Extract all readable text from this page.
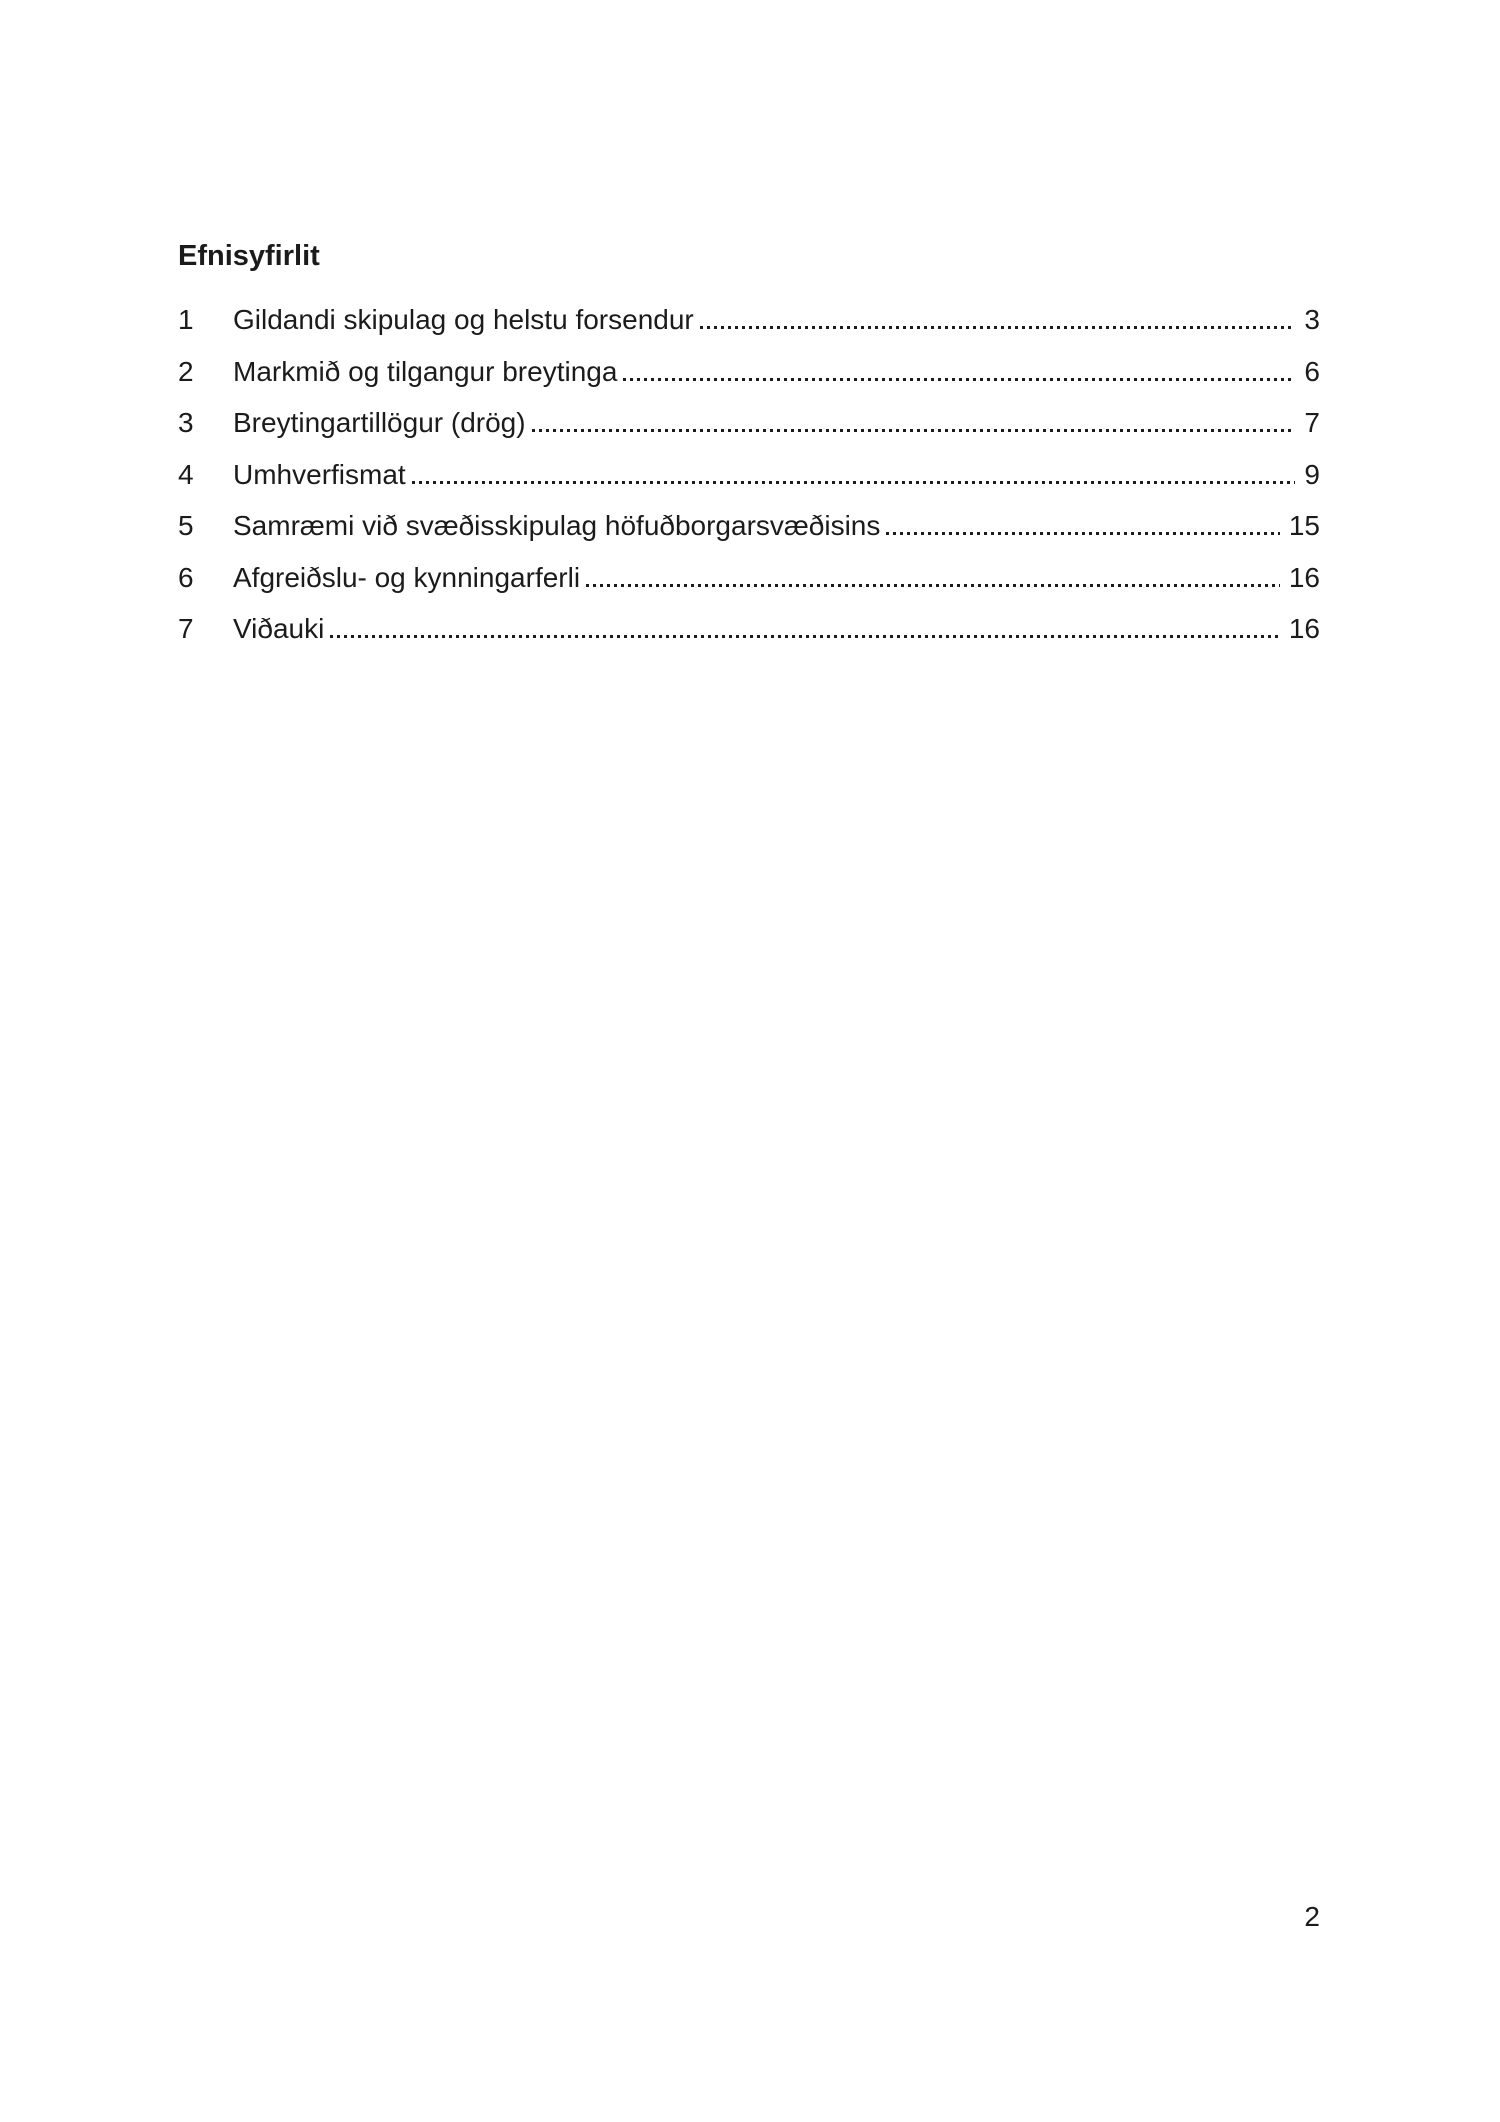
Efnisyfirlit
1	Gildandi skipulag og helstu forsendur	3
2	Markmið og tilgangur breytinga	6
3	Breytingartillögur (drög)	7
4	Umhverfismat	9
5	Samræmi við svæðisskipulag höfuðborgarsvæðisins	15
6	Afgreiðslu- og kynningarferli	16
7	Viðauki	16
2
